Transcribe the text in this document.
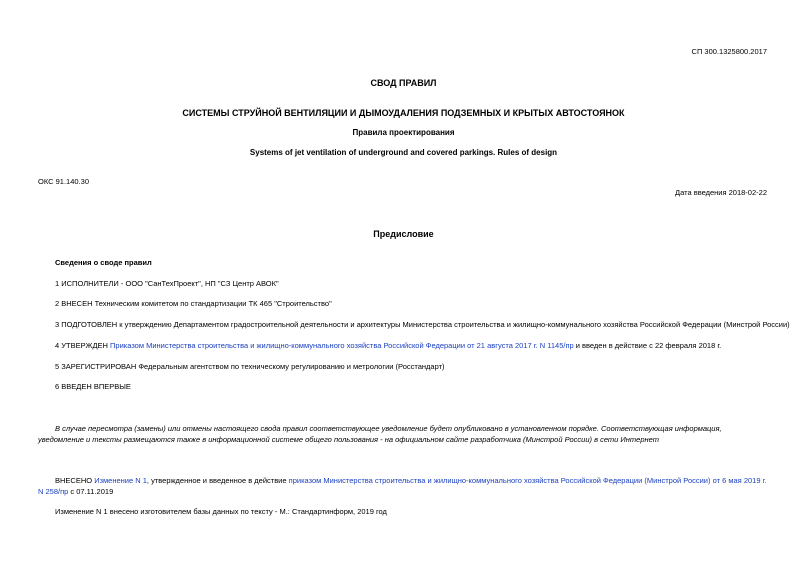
СП 300.1325800.2017
СВОД ПРАВИЛ
СИСТЕМЫ СТРУЙНОЙ ВЕНТИЛЯЦИИ И ДЫМОУДАЛЕНИЯ ПОДЗЕМНЫХ И КРЫТЫХ АВТОСТОЯНОК
Правила проектирования
Systems of jet ventilation of underground and covered parkings. Rules of design
ОКС 91.140.30
Дата введения 2018-02-22
Предисловие
Сведения о своде правил
1 ИСПОЛНИТЕЛИ - ООО "СанТехПроект", НП "СЗ Центр АВОК"
2 ВНЕСЕН Техническим комитетом по стандартизации ТК 465 "Строительство"
3 ПОДГОТОВЛЕН к утверждению Департаментом градостроительной деятельности и архитектуры Министерства строительства и жилищно-коммунального хозяйства Российской Федерации (Минстрой России)
4 УТВЕРЖДЕН Приказом Министерства строительства и жилищно-коммунального хозяйства Российской Федерации от 21 августа 2017 г. N 1145/пр и введен в действие с 22 февраля 2018 г.
5 ЗАРЕГИСТРИРОВАН Федеральным агентством по техническому регулированию и метрологии (Росстандарт)
6 ВВЕДЕН ВПЕРВЫЕ
В случае пересмотра (замены) или отмены настоящего свода правил соответствующее уведомление будет опубликовано в установленном порядке. Соответствующая информация, уведомление и тексты размещаются также в информационной системе общего пользования - на официальном сайте разработчика (Минстрой России) в сети Интернет
ВНЕСЕНО Изменение N 1, утвержденное и введенное в действие приказом Министерства строительства и жилищно-коммунального хозяйства Российской Федерации (Минстрой России) от 6 мая 2019 г. N 258/пр с 07.11.2019
Изменение N 1 внесено изготовителем базы данных по тексту - М.: Стандартинформ, 2019 год
